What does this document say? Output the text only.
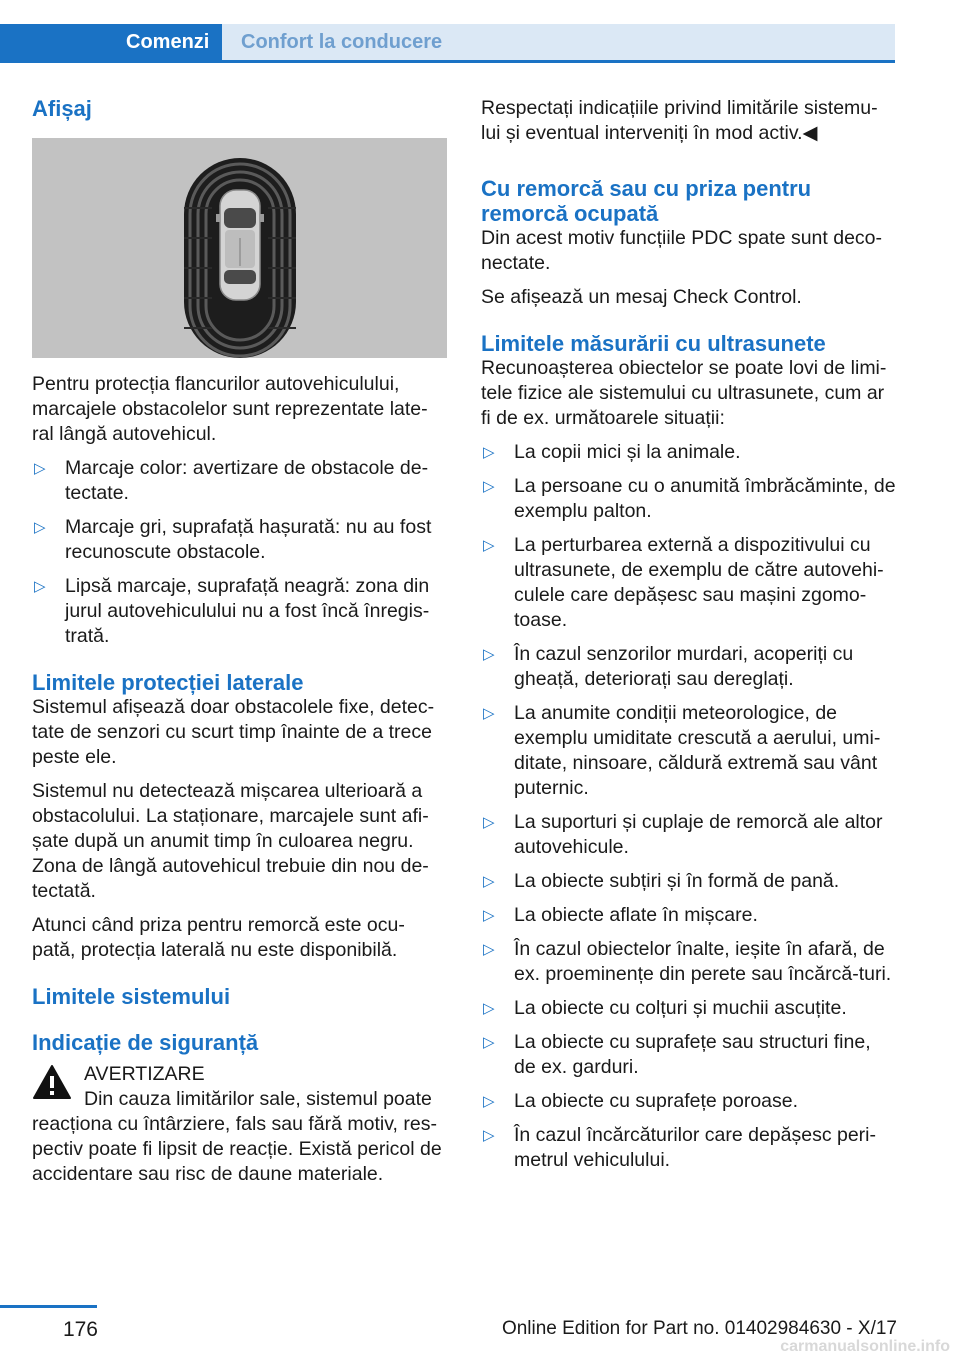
Comenzi	Confort la conducere
Afișaj

Pentru protecția flancurilor autovehiculului, marcajele obstacolelor sunt reprezentate late-ral lângă autovehicul.

▷ Marcaje color: avertizare de obstacole de-tectate.
▷ Marcaje gri, suprafață hașurată: nu au fost recunoscute obstacole.
▷ Lipsă marcaje, suprafață neagră: zona din jurul autovehiculului nu a fost încă înregis-trată.
Limitele protecției laterale

Sistemul afișează doar obstacolele fixe, detec-tate de senzori cu scurt timp înainte de a trece peste ele.

Sistemul nu detectează mișcarea ulterioară a obstacolului. La staționare, marcajele sunt afi-șate după un anumit timp în culoarea negru. Zona de lângă autovehicul trebuie din nou de-tectată.

Atunci când priza pentru remorcă este ocu-pată, protecția laterală nu este disponibilă.

Limitele sistemului
Indicație de siguranță

AVERTIZARE

Din cauza limitărilor sale, sistemul poate

reacționa cu întârziere, fals sau fără motiv, res-pectiv poate fi lipsit de reacție. Există pericol de accidentare sau risc de daune materiale.

Respectați indicațiile privind limitările sistemu-lui și eventual interveniți în mod activ.◀

Cu remorcă sau cu priza pentru remorcă ocupată

Din acest motiv funcțiile PDC spate sunt deco-nectate.

Se afișează un mesaj Check Control.

Limitele măsurării cu ultrasunete

Recunoașterea obiectelor se poate lovi de limi-tele fizice ale sistemului cu ultrasunete, cum ar fi de ex. următoarele situații:

▷ La copii mici și la animale.
▷ La persoane cu o anumită îmbrăcăminte, de exemplu palton.
▷ La perturbarea externă a dispozitivului cu ultrasunete, de exemplu de către autovehi-culele care depășesc sau mașini zgomo-toase.
▷ În cazul senzorilor murdari, acoperiți cu gheață, deteriorați sau dereglați.
▷ La anumite condiții meteorologice, de exemplu umiditate crescută a aerului, umi-ditate, ninsoare, căldură extremă sau vânt puternic.
▷ La suporturi și cuplaje de remorcă ale altor autovehicule.
▷ La obiecte subțiri și în formă de pană.
▷ La obiecte aflate în mișcare.
▷ În cazul obiectelor înalte, ieșite în afară, de ex. proeminențe din perete sau încărcă-turi.
▷ La obiecte cu colțuri și muchii ascuțite.
▷ La obiecte cu suprafețe sau structuri fine, de ex. garduri.
▷ La obiecte cu suprafețe poroase.
▷ În cazul încărcăturilor care depășesc peri-metrul vehiculului.
176	Online Edition for Part no. 01402984630 - X/17
carmanualsonline.info
